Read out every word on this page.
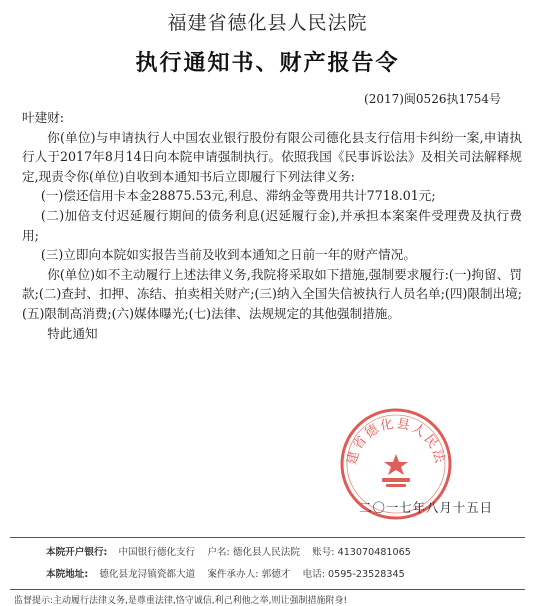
福建省德化县人民法院
执行通知书、财产报告令
(2017)闽0526执1754号

叶建财:

你(单位)与申请执行人中国农业银行股份有限公司德化县支行信用卡纠纷一案,申请执行人于2017年8月14日向本院申请强制执行。依照我国《民事诉讼法》及相关司法解释规定,现责令你(单位)自收到本通知书后立即履行下列法律义务:

(一)偿还信用卡本金28875.53元,利息、滞纳金等费用共计7718.01元;

(二)加倍支付迟延履行期间的债务利息(迟延履行金),并承担本案案件受理费及执行费用;

(三)立即向本院如实报告当前及收到本通知之日前一年的财产情况。

你(单位)如不主动履行上述法律义务,我院将采取如下措施,强制要求履行:(一)拘留、罚款;(二)查封、扣押、冻结、拍卖相关财产;(三)纳入全国失信被执行人员名单;(四)限制出境;(五)限制高消费;(六)媒体曝光;(七)法律、法规规定的其他强制措施。

特此通知

建省德化县人民法
二〇一七年八月十五日
本院开户银行: 中国银行德化支行 户名: 德化县人民法院 账号: 413070481065
本院地址: 德化县龙浔镇瓷都大道 案件承办人: 郭德才 电话: 0595-23528345
监督提示:主动履行法律义务,是尊重法律,恪守诚信,利己利他之举,则让强制措施附身!
